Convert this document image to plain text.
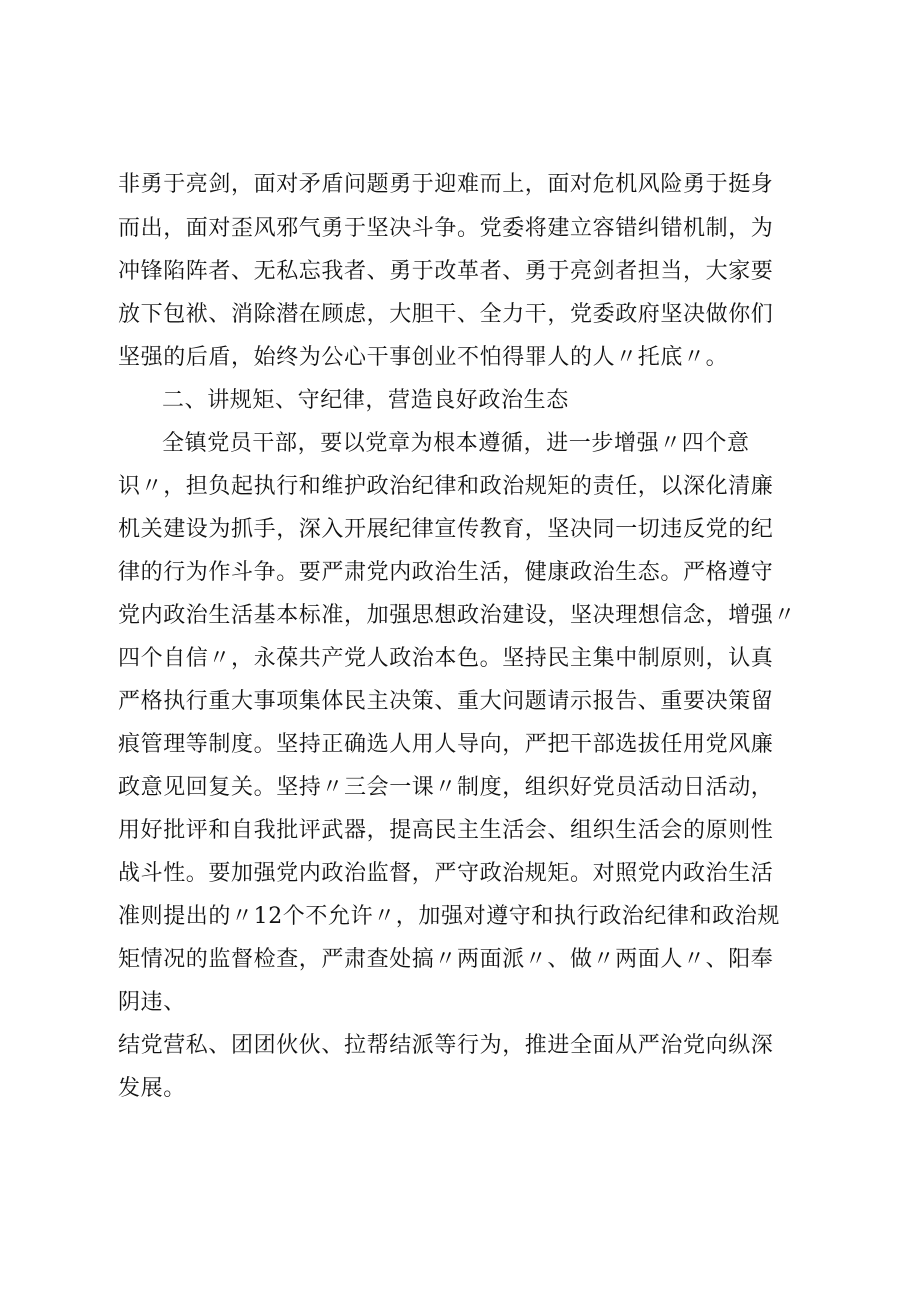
非勇于亮剑，面对矛盾问题勇于迎难而上，面对危机风险勇于挺身
而出，面对歪风邪气勇于坚决斗争。党委将建立容错纠错机制，为
冲锋陷阵者、无私忘我者、勇于改革者、勇于亮剑者担当，大家要
放下包袱、消除潜在顾虑，大胆干、全力干，党委政府坚决做你们
坚强的后盾，始终为公心干事创业不怕得罪人的人〃托底〃。
二、讲规矩、守纪律，营造良好政治生态
全镇党员干部，要以党章为根本遵循，进一步增强〃四个意
识〃，担负起执行和维护政治纪律和政治规矩的责任，以深化清廉
机关建设为抓手，深入开展纪律宣传教育，坚决同一切违反党的纪
律的行为作斗争。要严肃党内政治生活，健康政治生态。严格遵守
党内政治生活基本标准，加强思想政治建设，坚决理想信念，增强〃
四个自信〃，永葆共产党人政治本色。坚持民主集中制原则，认真
严格执行重大事项集体民主决策、重大问题请示报告、重要决策留
痕管理等制度。坚持正确选人用人导向，严把干部选拔任用党风廉
政意见回复关。坚持〃三会一课〃制度，组织好党员活动日活动，
用好批评和自我批评武器，提高民主生活会、组织生活会的原则性
战斗性。要加强党内政治监督，严守政治规矩。对照党内政治生活
准则提出的〃12个不允许〃，加强对遵守和执行政治纪律和政治规
矩情况的监督检查，严肃查处搞〃两面派〃、做〃两面人〃、阳奉
阴违、
结党营私、团团伙伙、拉帮结派等行为，推进全面从严治党向纵深
发展。
